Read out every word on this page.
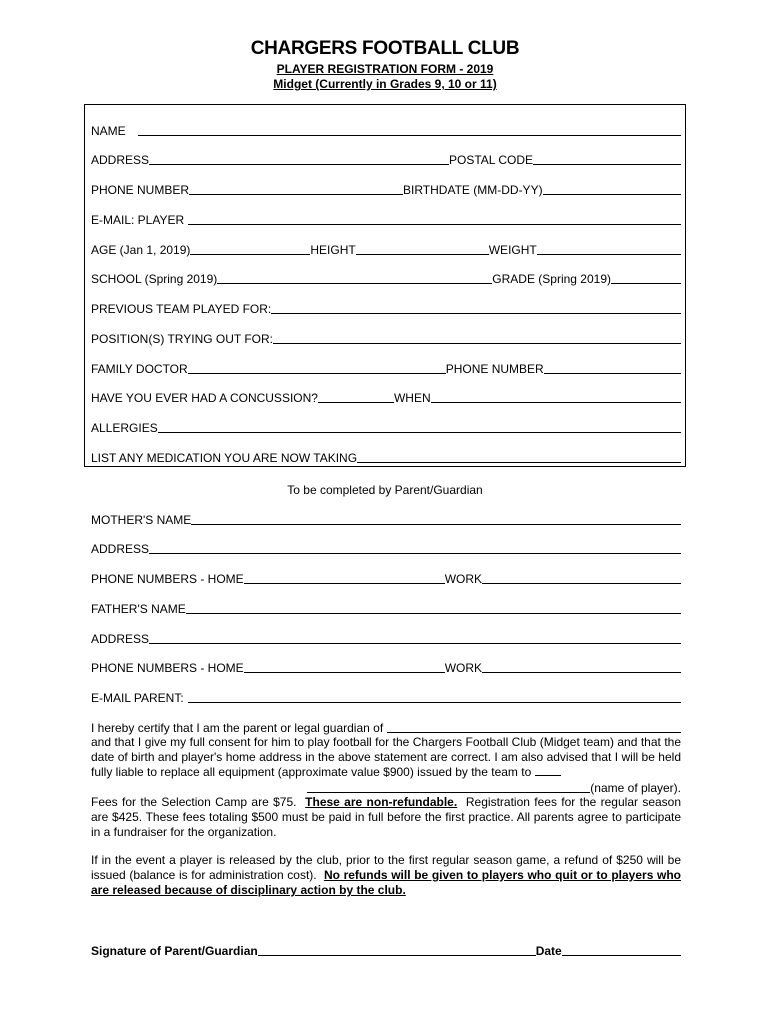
CHARGERS FOOTBALL CLUB
PLAYER REGISTRATION FORM - 2019
Midget (Currently in Grades 9, 10 or 11)
NAME
ADDRESS	POSTAL CODE
PHONE NUMBER	BIRTHDATE (MM-DD-YY)
E-MAIL: PLAYER
AGE (Jan 1, 2019)	HEIGHT	WEIGHT
SCHOOL (Spring 2019)	GRADE (Spring 2019)
PREVIOUS TEAM PLAYED FOR:
POSITION(S) TRYING OUT FOR:
FAMILY DOCTOR	PHONE NUMBER
HAVE YOU EVER HAD A CONCUSSION?	WHEN
ALLERGIES
LIST ANY MEDICATION YOU ARE NOW TAKING
To be completed by Parent/Guardian
MOTHER'S NAME
ADDRESS
PHONE NUMBERS - HOME	WORK
FATHER'S NAME
ADDRESS
PHONE NUMBERS - HOME	WORK
E-MAIL PARENT:
I hereby certify that I am the parent or legal guardian of
and that I give my full consent for him to play football for the Chargers Football Club (Midget team) and that the date of birth and player's home address in the above statement are correct. I am also advised that I will be held fully liable to replace all equipment (approximate value $900) issued by the team to
(name of player).
Fees for the Selection Camp are $75. These are non-refundable. Registration fees for the regular season are $425. These fees totaling $500 must be paid in full before the first practice. All parents agree to participate in a fundraiser for the organization.
If in the event a player is released by the club, prior to the first regular season game, a refund of $250 will be issued (balance is for administration cost). No refunds will be given to players who quit or to players who are released because of disciplinary action by the club.
Signature of Parent/Guardian	Date
